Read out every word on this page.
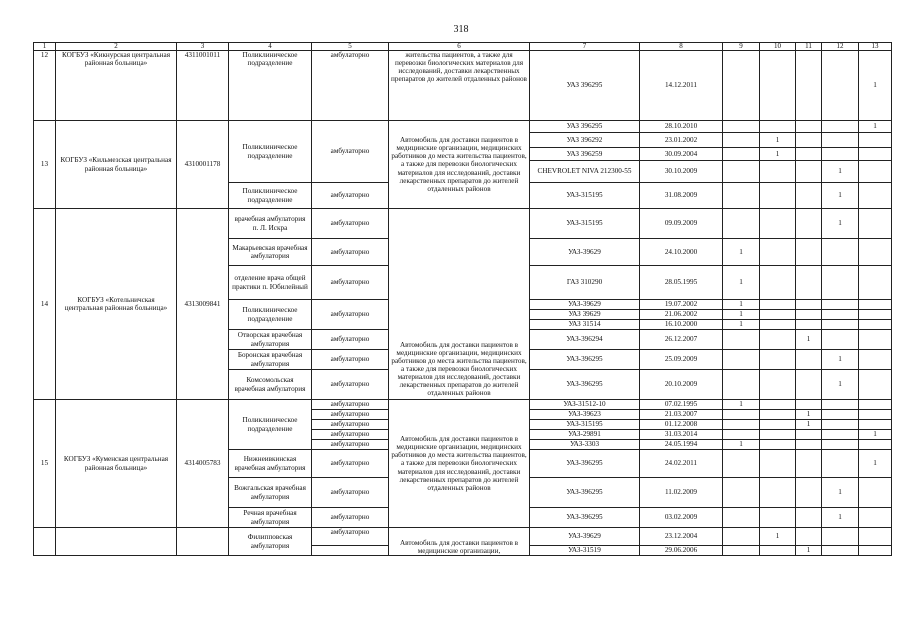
318
1	2	3	4	5	6	7	8	9	10	11	12	13
12	КОГБУЗ «Кикнурская центральная районная больница»	4311001011	Поликлиническое подразделение	амбулаторно	жительства пациентов, а также для перевозки биологических материалов для исследований, доставки лекарственных препаратов до жителей отдаленных районов	УАЗ 396295	14.12.2011					1
13	КОГБУЗ «Кильмезская центральная районная больница»	4310001178	Поликлиническое подразделение	амбулаторно	Автомобиль для доставки пациентов в медицинские организации, медицинских работников до места жительства пациентов, а также для перевозки биологических материалов для исследований, доставки лекарственных препаратов до жителей отдаленных районов	УАЗ 396295	28.10.2010					1
						УАЗ 396292	23.01.2002		1			
						УАЗ 396259	30.09.2004		1			
						CHEVROLET NIVA 212300-55	30.10.2009				1	
			Поликлиническое подразделение	амбулаторно		УАЗ-315195	31.08.2009				1	
14	КОГБУЗ «Котельничская центральная районная больница»	4313009841	врачебная амбулатория п. Л. Искра	амбулаторно	Автомобиль для доставки пациентов в медицинские организации, медицинских работников до места жительства пациентов, а также для перевозки биологических материалов для исследований, доставки лекарственных препаратов до жителей отдаленных районов	УАЗ-315195	09.09.2009				1	
			Макарьевская врачебная амбулатория	амбулаторно		УАЗ-39629	24.10.2000	1				
			отделение врача общей практики п. Юбилейный	амбулаторно		ГАЗ 310290	28.05.1995	1				
			Поликлиническое подразделение	амбулаторно		УАЗ-39629	19.07.2002	1				
						УАЗ 39629	21.06.2002	1				
						УАЗ 31514	16.10.2000	1				
			Отворская врачебная амбулатория	амбулаторно		УАЗ-396294	26.12.2007			1		
			Боронская врачебная амбулатория	амбулаторно		УАЗ-396295	25.09.2009				1	
			Комсомольская врачебная амбулатория	амбулаторно		УАЗ-396295	20.10.2009				1	
15	КОГБУЗ «Куменская центральная районная больница»	4314005783	Поликлиническое подразделение	амбулаторно	Автомобиль для доставки пациентов в медицинские организации, медицинских работников до места жительства пациентов, а также для перевозки биологических материалов для исследований, доставки лекарственных препаратов до жителей отдаленных районов	УАЗ-31512-10	07.02.1995	1				
				амбулаторно		УАЗ-39623	21.03.2007			1		
				амбулаторно		УАЗ-315195	01.12.2008			1		
				амбулаторно		УАЗ-29891	31.03.2014					1
				амбулаторно		УАЗ-3303	24.05.1994	1				
			Нижнеивкинская врачебная амбулатория	амбулаторно		УАЗ-396295	24.02.2011					1
			Вожгальская врачебная амбулатория	амбулаторно		УАЗ-396295	11.02.2009				1	
			Речная врачебная амбулатория	амбулаторно		УАЗ-396295	03.02.2009				1	
			Филипповская амбулатория	амбулаторно	Автомобиль для доставки пациентов в медицинские организации,	УАЗ-39629	23.12.2004		1			
						УАЗ-31519	29.06.2006			1		
